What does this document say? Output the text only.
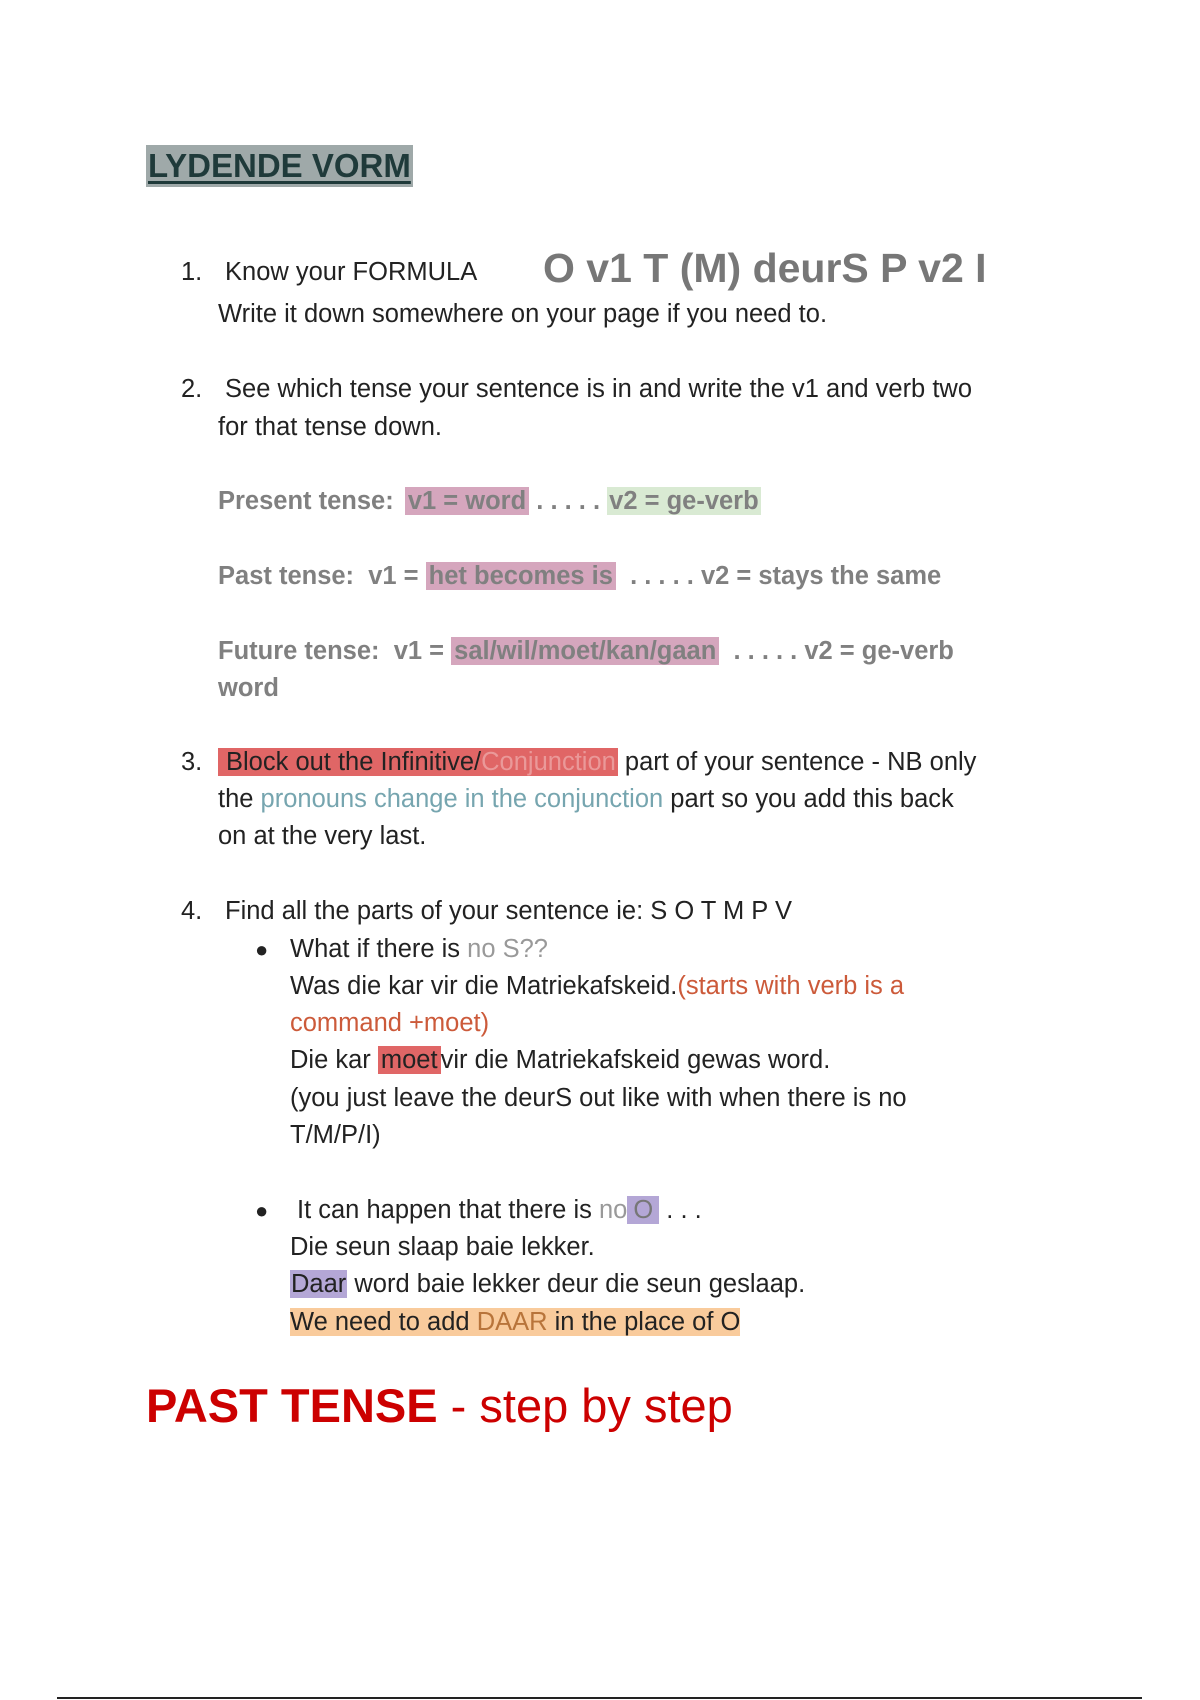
LYDENDE VORM
1. Know your FORMULA O v1 T (M) deurS P v2 I
Write it down somewhere on your page if you need to.
2. See which tense your sentence is in and write the v1 and verb two
for that tense down.
Present tense: v1 = word . . . . . v2 = ge-verb
Past tense: v1 = het becomes is . . . . . v2 = stays the same
Future tense: v1 = sal/wil/moet/kan/gaan . . . . . v2 = ge-verb
word
3. Block out the Infinitive/Conjunction part of your sentence - NB only
the pronouns change in the conjunction part so you add this back
on at the very last.
4. Find all the parts of your sentence ie: S O T M P V
● What if there is no S??
Was die kar vir die Matriekafskeid.(starts with verb is a
command +moet)
Die kar moet vir die Matriekafskeid gewas word.
(you just leave the deurS out like with when there is no
T/M/P/I)
● It can happen that there is no O . . .
Die seun slaap baie lekker.
Daar word baie lekker deur die seun geslaap.
We need to add DAAR in the place of O
PAST TENSE - step by step
